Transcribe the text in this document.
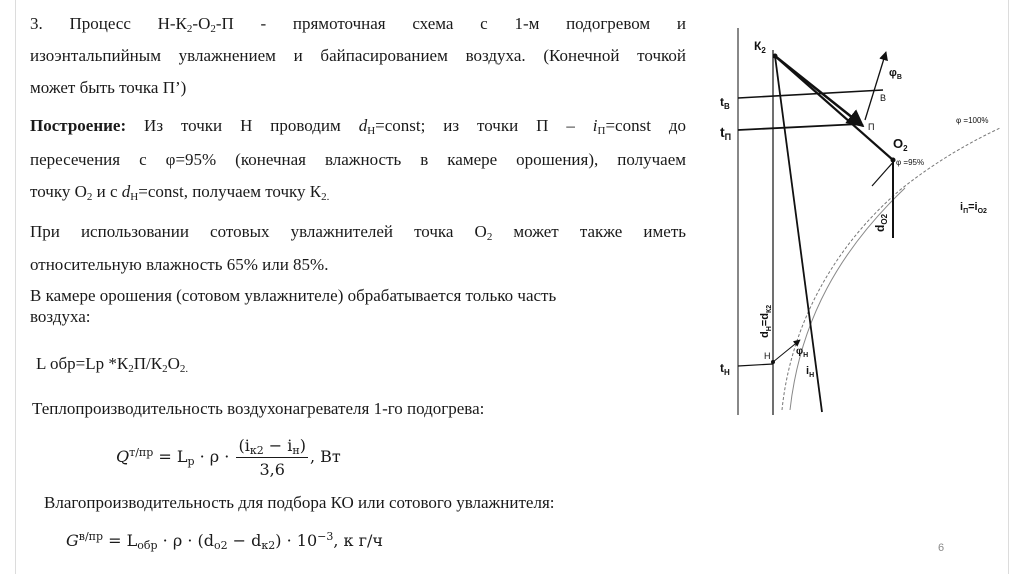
3. Процесс $Н-К_2-О_2-П$ - прямоточная схема с 1-м подогревом и
изоэнтальпийным увлажнением и байпасированием воздуха. (Конечной точкой
может быть точка П’)
Построение: Из точки Н проводим $d_Н=const$; из точки $П - i_П=const$ до
пересечения с φ=95% (конечная влажность в камере орошения), получаем
точку $О_2$ и с $d_Н=const$, получаем точку $К_{2.}$
При использовании сотовых увлажнителей точка $О_2$ может также иметь
относительную влажность 65% или 85%.
В камере орошения (сотовом увлажнителе) обрабатывается только часть
воздуха:
L обр=Lр $*К_2П/К_2О_{2.}$
Теплопроизводительность воздухонагревателя 1-го подогрева:
$Q^{т/пр} = L_р \cdot \rho \cdot \frac{(i_{к2} - i_н)}{3,6}$ , Вт
Влагопроизводительность для подбора КО или сотового увлажнителя:
$G^{в/пр} = L_{обр} \cdot \rho \cdot (d_{о2} - d_{к2}) \cdot 10^{-3}$, к г/ч	6
$К_2$
$\varphi_В$
В
$t_В$
$t_П$
П
$О_2$
φ =100%
φ =95%
$i_П=i_{О2}$
$d_{О2}$
$d_Н=d_{К2}$
Н	$\varphi_Н$
$t_Н$	$i_Н$
